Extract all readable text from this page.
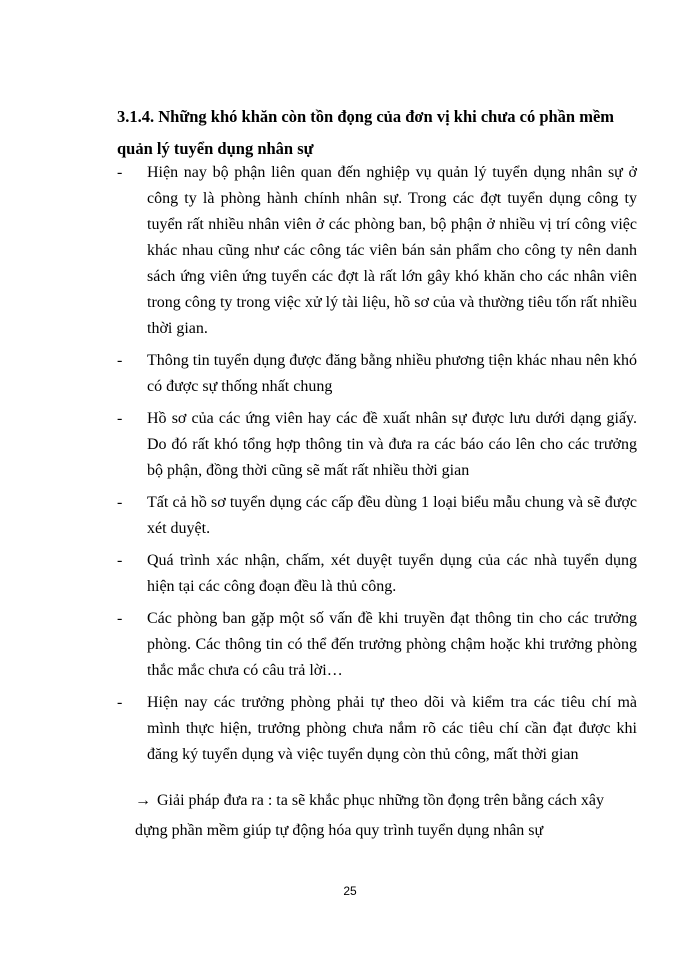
3.1.4. Những khó khăn còn tồn đọng của đơn vị khi chưa có phần mềm quản lý tuyển dụng nhân sự
- Hiện nay bộ phận liên quan đến nghiệp vụ quản lý tuyển dụng nhân sự ở công ty là phòng hành chính nhân sự. Trong các đợt tuyển dụng công ty tuyển rất nhiều nhân viên ở các phòng ban, bộ phận ở nhiều vị trí công việc khác nhau cũng như các công tác viên bán sản phẩm cho công ty nên danh sách ứng viên ứng tuyển các đợt là rất lớn gây khó khăn cho các nhân viên trong công ty trong việc xử lý tài liệu, hồ sơ của và thường tiêu tốn rất nhiều thời gian.
- Thông tin tuyển dụng được đăng bằng nhiều phương tiện khác nhau nên khó có được sự thống nhất chung
- Hồ sơ của các ứng viên hay các đề xuất nhân sự được lưu dưới dạng giấy. Do đó rất khó tổng hợp thông tin và đưa ra các báo cáo lên cho các trưởng bộ phận, đồng thời cũng sẽ mất rất nhiều thời gian
- Tất cả hồ sơ tuyển dụng các cấp đều dùng 1 loại biểu mẫu chung và sẽ được xét duyệt.
- Quá trình xác nhận, chấm, xét duyệt tuyển dụng của các nhà tuyển dụng hiện tại các công đoạn đều là thủ công.
- Các phòng ban gặp một số vấn đề khi truyền đạt thông tin cho các trưởng phòng. Các thông tin có thể đến trưởng phòng chậm hoặc khi trưởng phòng thắc mắc chưa có câu trả lời…
- Hiện nay các trưởng phòng phải tự theo dõi và kiểm tra các tiêu chí mà mình thực hiện, trưởng phòng chưa nắm rõ các tiêu chí cần đạt được khi đăng ký tuyển dụng và việc tuyển dụng còn thủ công, mất thời gian

→ Giải pháp đưa ra : ta sẽ khắc phục những tồn đọng trên bằng cách xây dựng phần mềm giúp tự động hóa quy trình tuyển dụng nhân sự

25
